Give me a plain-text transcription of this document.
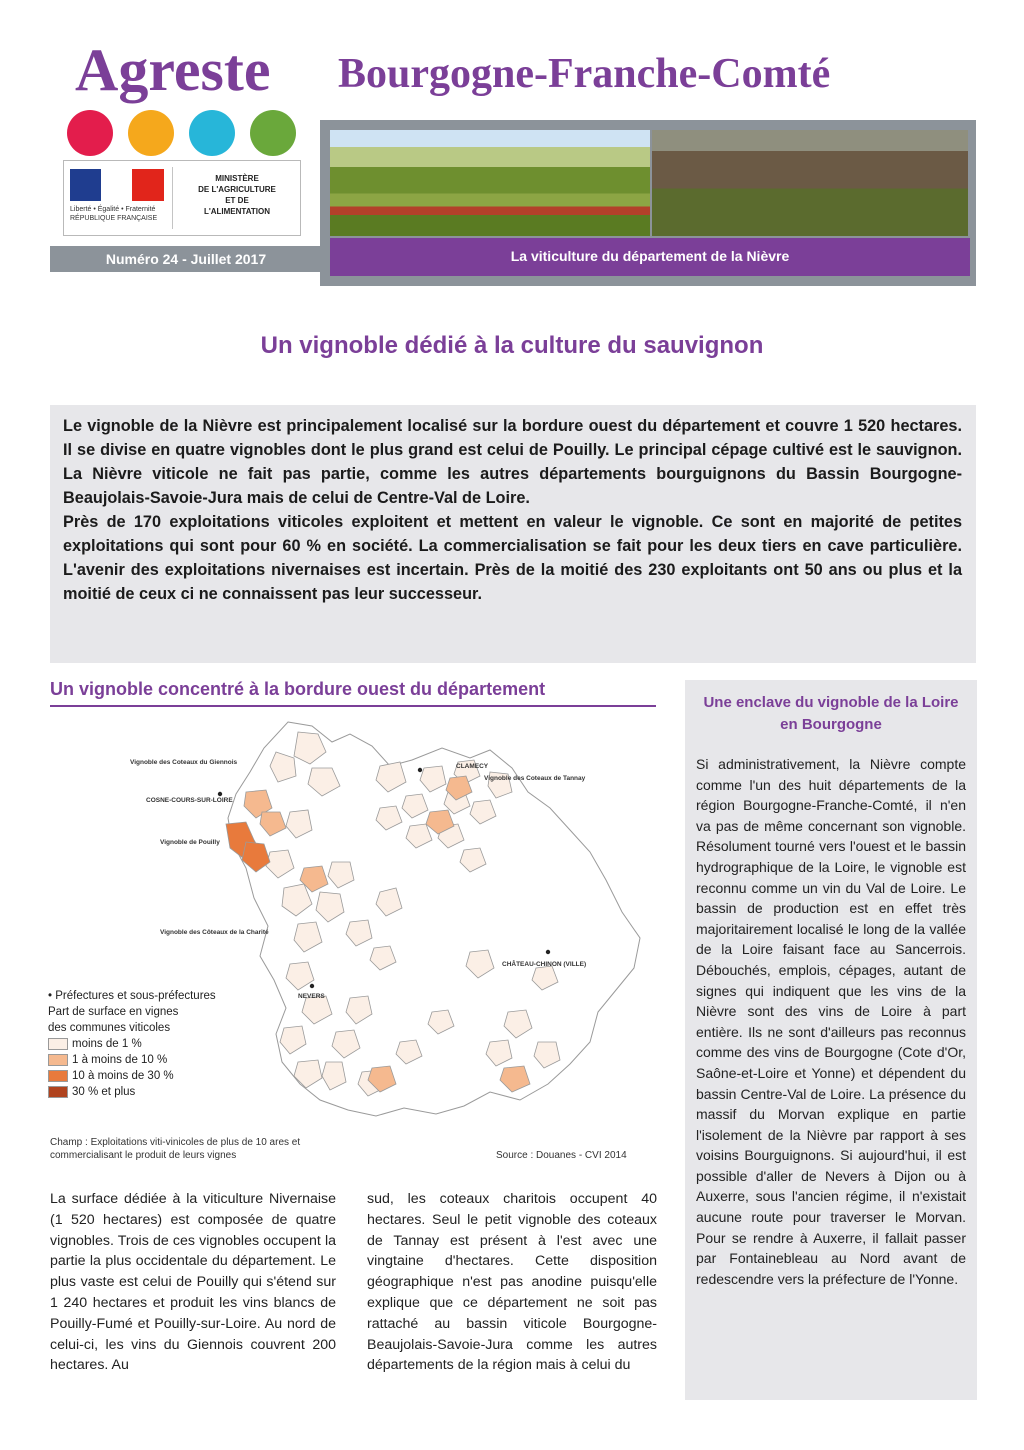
Agreste Bourgogne-Franche-Comté
Liberté • Égalité • Fraternité
RÉPUBLIQUE FRANÇAISE
MINISTÈRE
DE L'AGRICULTURE
ET DE
L'ALIMENTATION
Numéro 24 - Juillet 2017	La viticulture du département de la Nièvre
Un vignoble dédié à la culture du sauvignon

Le vignoble de la Nièvre est principalement localisé sur la bordure ouest du département et couvre 1 520 hectares. Il se divise en quatre vignobles dont le plus grand est celui de Pouilly. Le principal cépage cultivé est le sauvignon. La Nièvre viticole ne fait pas partie, comme les autres départements bourguignons du Bassin Bourgogne-Beaujolais-Savoie-Jura mais de celui de Centre-Val de Loire.

Près de 170 exploitations viticoles exploitent et mettent en valeur le vignoble. Ce sont en majorité de petites exploitations qui sont pour 60 % en société. La commercialisation se fait pour les deux tiers en cave particulière. L'avenir des exploitations nivernaises est incertain. Près de la moitié des 230 exploitants ont 50 ans ou plus et la moitié de ceux ci ne connaissent pas leur successeur.

Un vignoble concentré à la bordure ouest du département
Vignoble des Coteaux du Giennois
COSNE-COURS-SUR-LOIRE
Vignoble de Pouilly
Vignoble des Côteaux de la Charité
CLAMECY
Vignoble des Coteaux de Tannay
CHÂTEAU-CHINON (VILLE)
NEVERS
• Préfectures et sous-préfectures
Part de surface en vignes
des communes viticoles
moins de 1 %
1 à moins de 10 %
10 à moins de 30 %
30 % et plus
Champ : Exploitations viti-vinicoles de plus de 10 ares et
commercialisant le produit de leurs vignes	Source : Douanes - CVI 2014

La surface dédiée à la viticulture Nivernaise (1 520 hectares) est composée de quatre vignobles. Trois de ces vignobles occupent la partie la plus occidentale du département. Le plus vaste est celui de Pouilly qui s'étend sur 1 240 hectares et produit les vins blancs de Pouilly-Fumé et Pouilly-sur-Loire. Au nord de celui-ci, les vins du Giennois couvrent 200 hectares. Au

sud, les coteaux charitois occupent 40 hectares. Seul le petit vignoble des coteaux de Tannay est présent à l'est avec une vingtaine d'hectares. Cette disposition géographique n'est pas anodine puisqu'elle explique que ce département ne soit pas rattaché au bassin viticole Bourgogne-Beaujolais-Savoie-Jura comme les autres départements de la région mais à celui du

Une enclave du vignoble de la Loire en Bourgogne
Si administrativement, la Nièvre compte comme l'un des huit départements de la région Bourgogne-Franche-Comté, il n'en va pas de même concernant son vignoble. Résolument tourné vers l'ouest et le bassin hydrographique de la Loire, le vignoble est reconnu comme un vin du Val de Loire. Le bassin de production est en effet très majoritairement localisé le long de la vallée de la Loire faisant face au Sancerrois. Débouchés, emplois, cépages, autant de signes qui indiquent que les vins de la Nièvre sont des vins de Loire à part entière. Ils ne sont d'ailleurs pas reconnus comme des vins de Bourgogne (Cote d'Or, Saône-et-Loire et Yonne) et dépendent du bassin Centre-Val de Loire. La présence du massif du Morvan explique en partie l'isolement de la Nièvre par rapport à ses voisins Bourguignons. Si aujourd'hui, il est possible d'aller de Nevers à Dijon ou à Auxerre, sous l'ancien régime, il n'existait aucune route pour traverser le Morvan. Pour se rendre à Auxerre, il fallait passer par Fontainebleau au Nord avant de redescendre vers la préfecture de l'Yonne.
